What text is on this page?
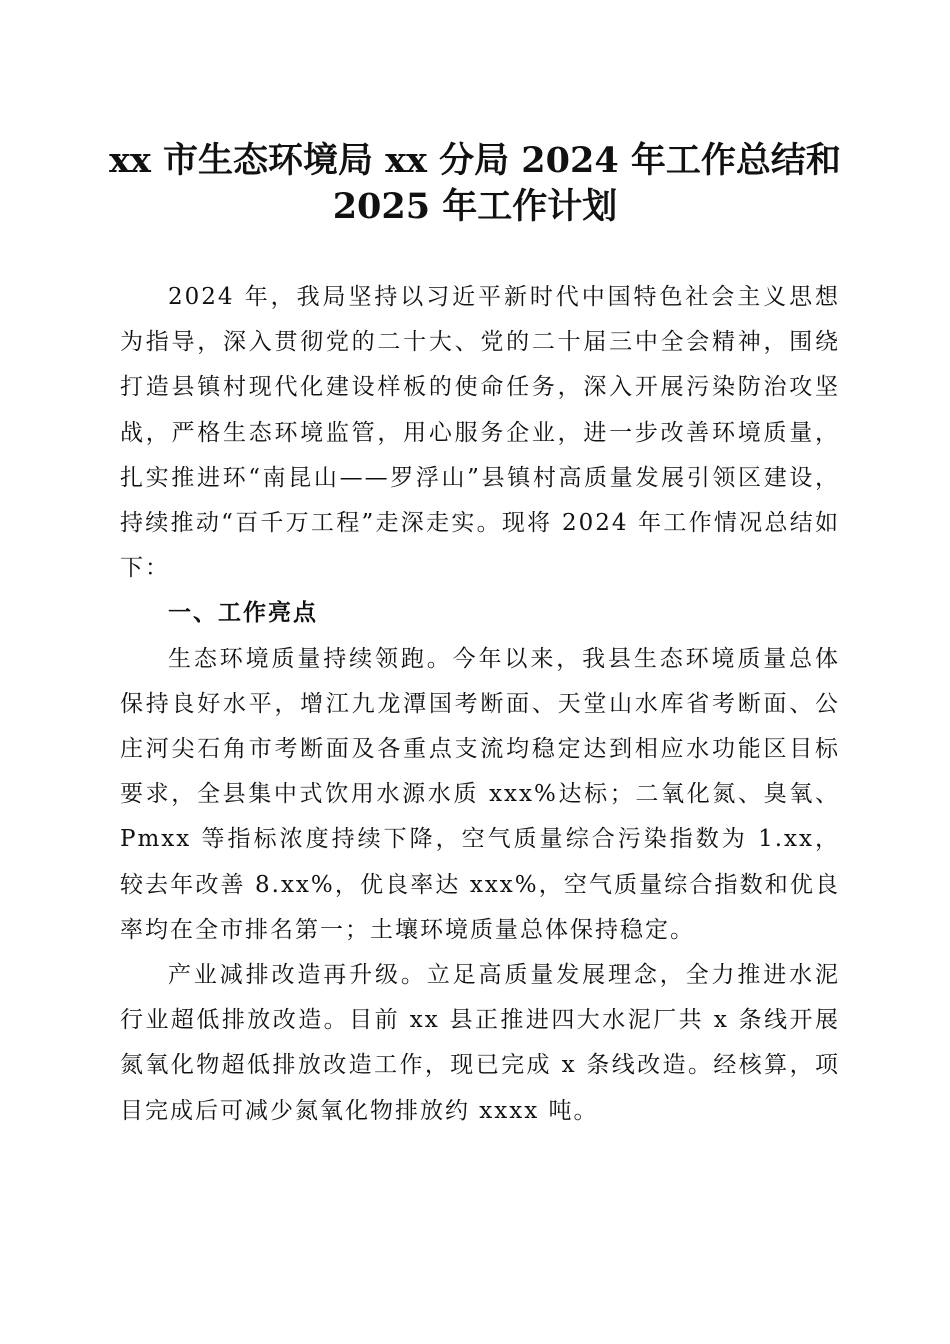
xx 市生态环境局 xx 分局 2024 年工作总结和
2025 年工作计划

2024 年，我局坚持以习近平新时代中国特色社会主义思想为指导，深入贯彻党的二十大、党的二十届三中全会精神，围绕打造县镇村现代化建设样板的使命任务，深入开展污染防治攻坚战，严格生态环境监管，用心服务企业，进一步改善环境质量，扎实推进环“南昆山——罗浮山”县镇村高质量发展引领区建设，持续推动“百千万工程”走深走实。现将 2024 年工作情况总结如下：

一、工作亮点

生态环境质量持续领跑。今年以来，我县生态环境质量总体保持良好水平，增江九龙潭国考断面、天堂山水库省考断面、公庄河尖石角市考断面及各重点支流均稳定达到相应水功能区目标要求，全县集中式饮用水源水质 xxx%达标；二氧化氮、臭氧、Pmxx 等指标浓度持续下降，空气质量综合污染指数为 1.xx，较去年改善 8.xx%，优良率达 xxx%，空气质量综合指数和优良率均在全市排名第一；土壤环境质量总体保持稳定。

产业减排改造再升级。立足高质量发展理念，全力推进水泥行业超低排放改造。目前 xx 县正推进四大水泥厂共 x 条线开展氮氧化物超低排放改造工作，现已完成 x 条线改造。经核算，项目完成后可减少氮氧化物排放约 xxxx 吨。
